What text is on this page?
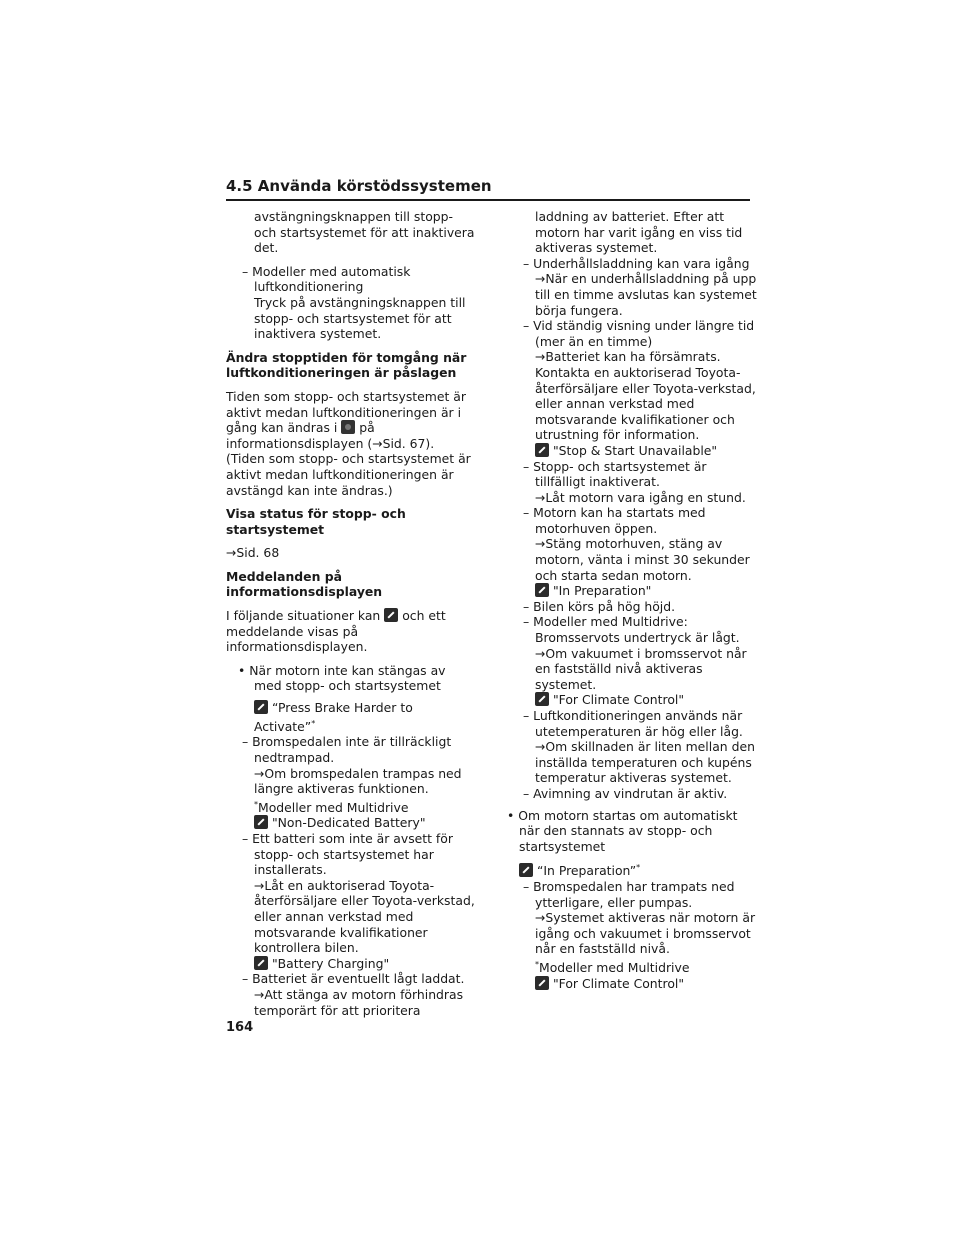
4.5 Använda körstödssystemen
avstängningsknappen till stopp- och startsystemet för att inaktivera det.
– Modeller med automatisk luftkonditionering
Tryck på avstängningsknappen till stopp- och startsystemet för att inaktivera systemet.
Ändra stopptiden för tomgång när luftkonditioneringen är påslagen
Tiden som stopp- och startsystemet är aktivt medan luftkonditioneringen är i gång kan ändras i på informationsdisplayen (→Sid. 67). (Tiden som stopp- och startsystemet är aktivt medan luftkonditioneringen är avstängd kan inte ändras.)
Visa status för stopp- och startsystemet
→Sid. 68
Meddelanden på informationsdisplayen
I följande situationer kan och ett meddelande visas på informationsdisplayen.
• När motorn inte kan stängas av med stopp- och startsystemet
“Press Brake Harder to Activate”*
– Bromspedalen inte är tillräckligt nedtrampad.
→Om bromspedalen trampas ned längre aktiveras funktionen.
*Modeller med Multidrive
"Non-Dedicated Battery"
– Ett batteri som inte är avsett för stopp- och startsystemet har installerats.
→Låt en auktoriserad Toyota-återförsäljare eller Toyota-verkstad, eller annan verkstad med motsvarande kvalifikationer kontrollera bilen.
"Battery Charging"
– Batteriet är eventuellt lågt laddat.
→Att stänga av motorn förhindras temporärt för att prioritera
laddning av batteriet. Efter att motorn har varit igång en viss tid aktiveras systemet.
– Underhållsladdning kan vara igång
→När en underhållsladdning på upp till en timme avslutas kan systemet börja fungera.
– Vid ständig visning under längre tid (mer än en timme)
→Batteriet kan ha försämrats. Kontakta en auktoriserad Toyota-återförsäljare eller Toyota-verkstad, eller annan verkstad med motsvarande kvalifikationer och utrustning för information.
"Stop & Start Unavailable"
– Stopp- och startsystemet är tillfälligt inaktiverat.
→Låt motorn vara igång en stund.
– Motorn kan ha startats med motorhuven öppen.
→Stäng motorhuven, stäng av motorn, vänta i minst 30 sekunder och starta sedan motorn.
"In Preparation"
– Bilen körs på hög höjd.
– Modeller med Multidrive:
Bromsservots undertryck är lågt.
→Om vakuumet i bromsservot når en fastställd nivå aktiveras systemet.
"For Climate Control"
– Luftkonditioneringen används när utetemperaturen är hög eller låg.
→Om skillnaden är liten mellan den inställda temperaturen och kupéns temperatur aktiveras systemet.
– Avimning av vindrutan är aktiv.
• Om motorn startas om automatiskt när den stannats av stopp- och startsystemet
“In Preparation”*
– Bromspedalen har trampats ned ytterligare, eller pumpas.
→Systemet aktiveras när motorn är igång och vakuumet i bromsservot når en fastställd nivå.
*Modeller med Multidrive
"For Climate Control"
164
